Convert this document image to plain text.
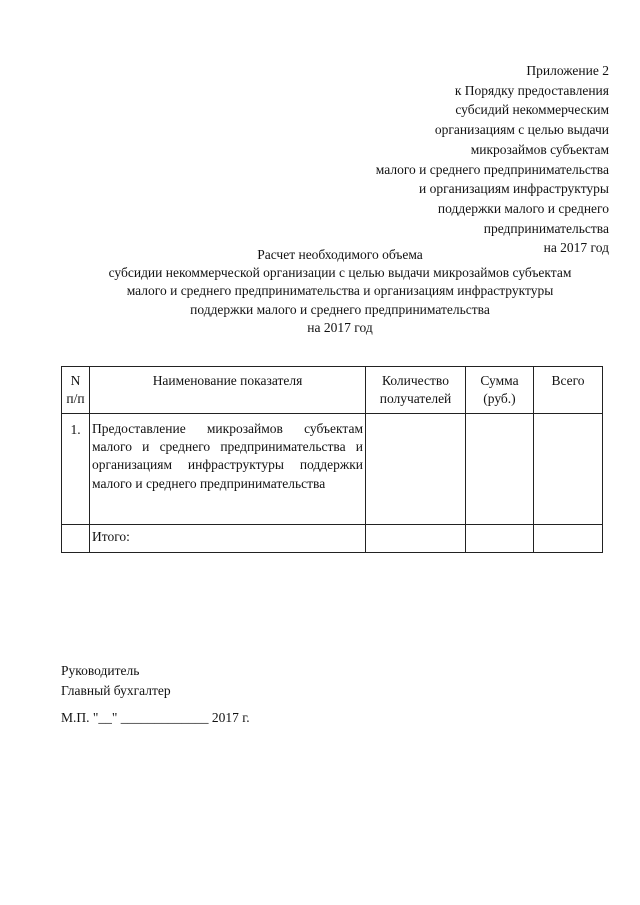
Приложение 2
к Порядку предоставления
субсидий некоммерческим
организациям с целью выдачи
микрозаймов субъектам
малого и среднего предпринимательства
и организациям инфраструктуры
поддержки малого и среднего
предпринимательства
на 2017 год
Расчет необходимого объема
субсидии некоммерческой организации с целью выдачи микрозаймов субъектам
малого и среднего предпринимательства и организациям инфраструктуры
поддержки малого и среднего предпринимательства
на 2017 год
N п/п	Наименование показателя	Количество получателей	Сумма (руб.)	Всего
1.	Предоставление микрозаймов субъектам малого и среднего предпринимательства и организациям инфраструктуры поддержки малого и среднего предпринимательства			
	Итого:			
Руководитель
Главный бухгалтер
М.П. "__" _____________ 2017 г.
